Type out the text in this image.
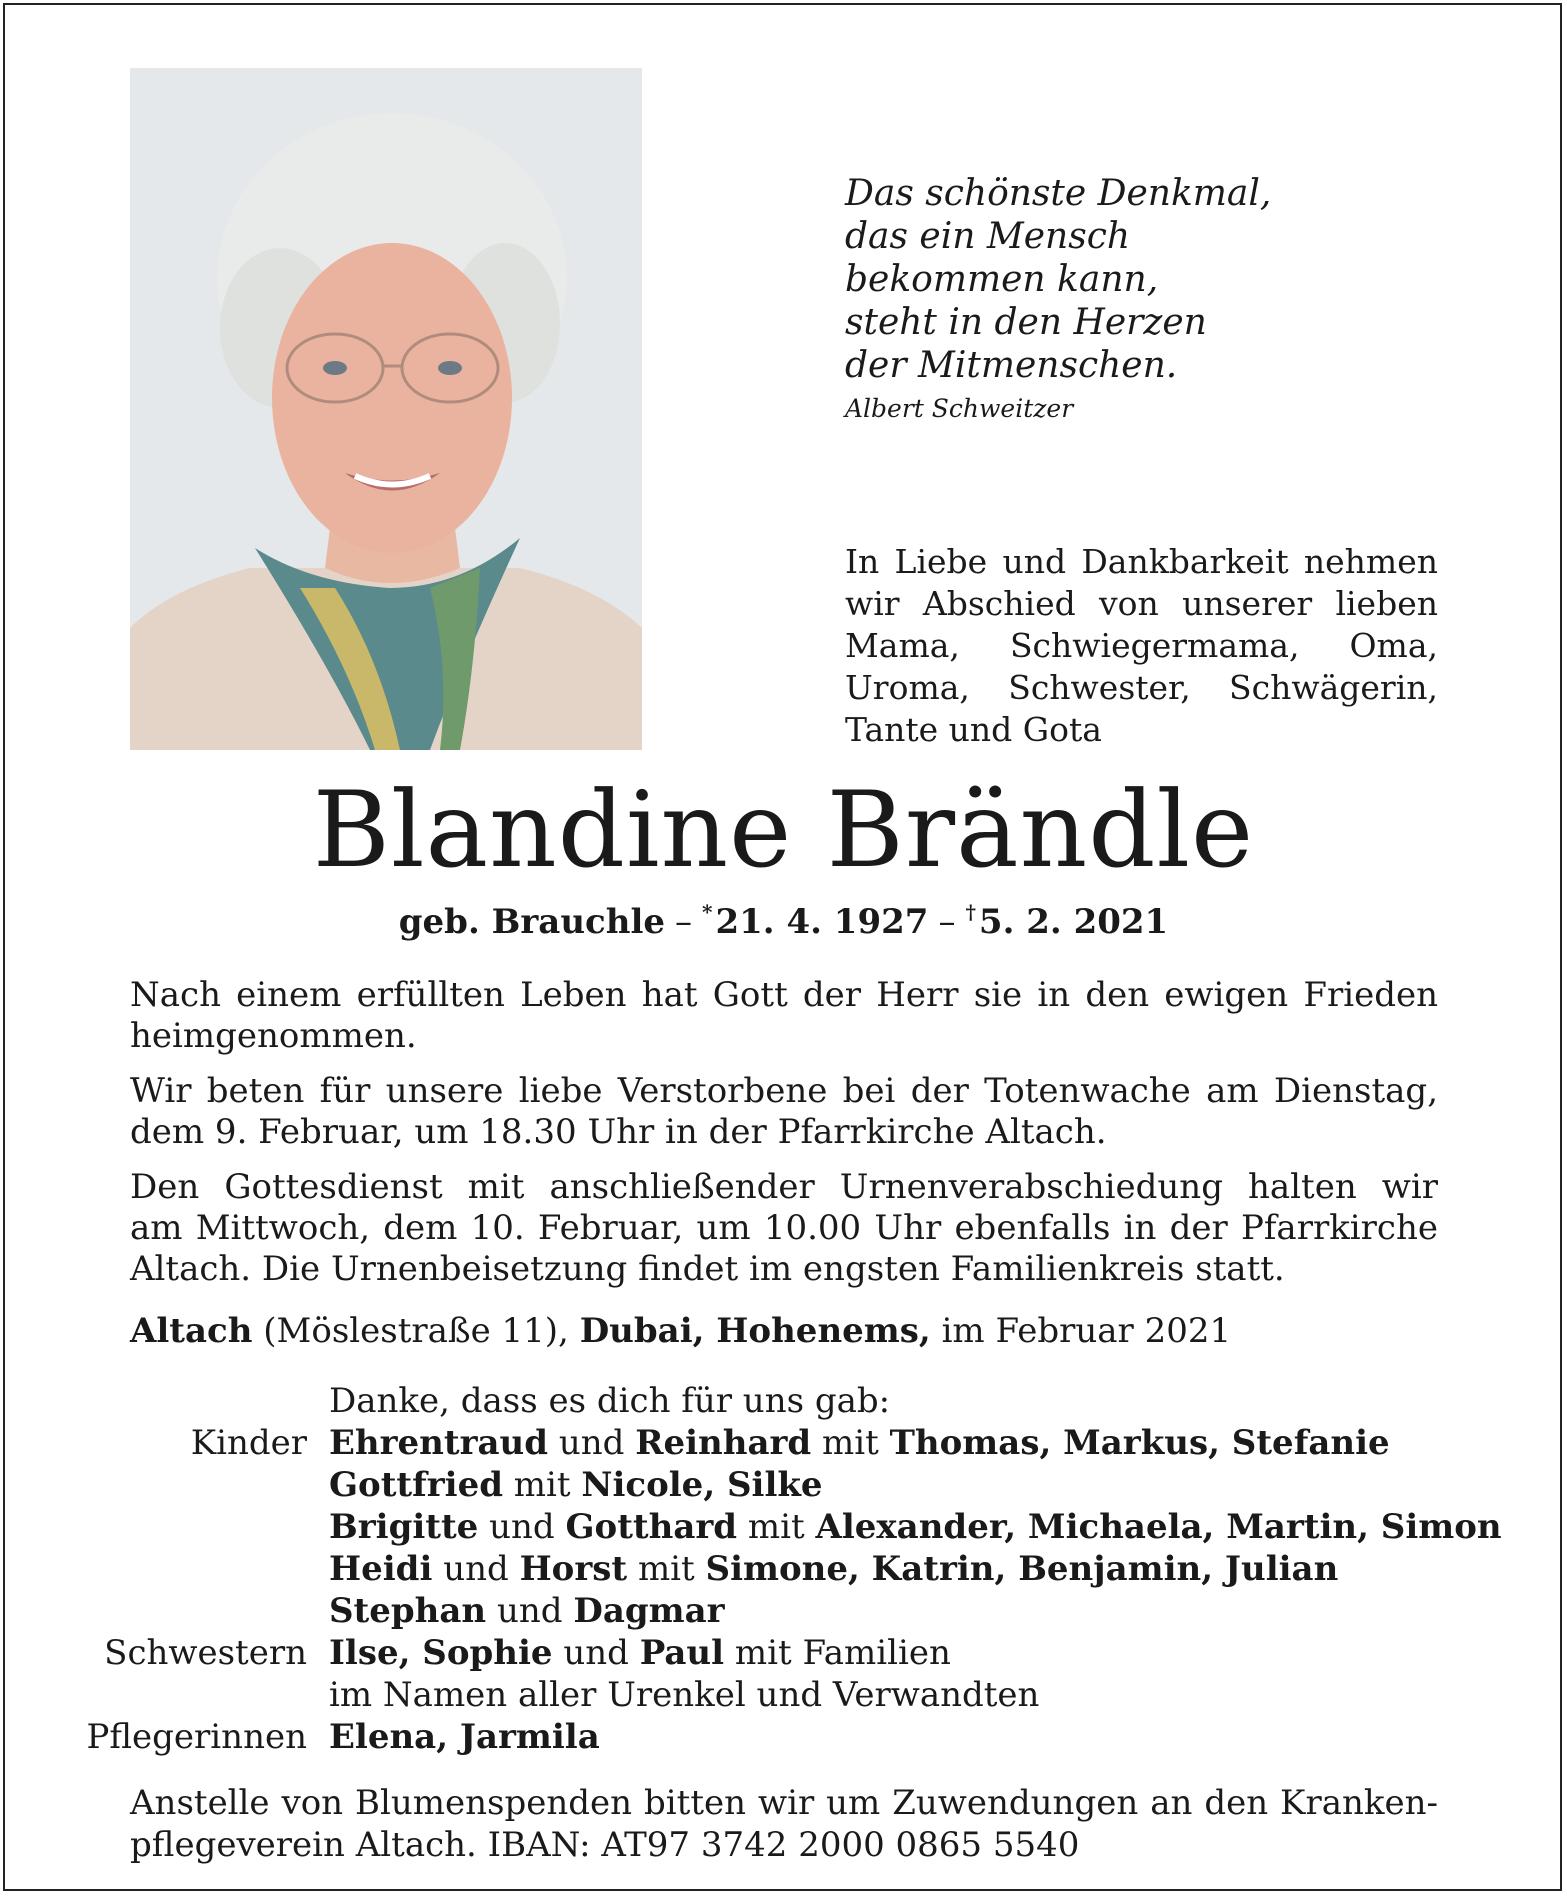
Das schönste Denkmal,
das ein Mensch
bekommen kann,
steht in den Herzen
der Mitmenschen.
Albert Schweitzer
In Liebe und Dankbarkeit nehmen
wir Abschied von unserer lieben
Mama, Schwiegermama, Oma,
Uroma, Schwester, Schwägerin,
Tante und Gota
Blandine Brändle
geb. Brauchle – *21. 4. 1927 – †5. 2. 2021
Nach einem erfüllten Leben hat Gott der Herr sie in den ewigen Frieden
heimgenommen.
Wir beten für unsere liebe Verstorbene bei der Totenwache am Dienstag,
dem 9. Februar, um 18.30 Uhr in der Pfarrkirche Altach.
Den Gottesdienst mit anschließender Urnenverabschiedung halten wir
am Mittwoch, dem 10. Februar, um 10.00 Uhr ebenfalls in der Pfarrkirche
Altach. Die Urnenbeisetzung findet im engsten Familienkreis statt.
Altach (Möslestraße 11), Dubai, Hohenems, im Februar 2021
Danke, dass es dich für uns gab:
Kinder Ehrentraud und Reinhard mit Thomas, Markus, Stefanie
Gottfried mit Nicole, Silke
Brigitte und Gotthard mit Alexander, Michaela, Martin, Simon
Heidi und Horst mit Simone, Katrin, Benjamin, Julian
Stephan und Dagmar
Schwestern Ilse, Sophie und Paul mit Familien
im Namen aller Urenkel und Verwandten
Pflegerinnen Elena, Jarmila
Anstelle von Blumenspenden bitten wir um Zuwendungen an den Kranken-
pflegeverein Altach. IBAN: AT97 3742 2000 0865 5540
